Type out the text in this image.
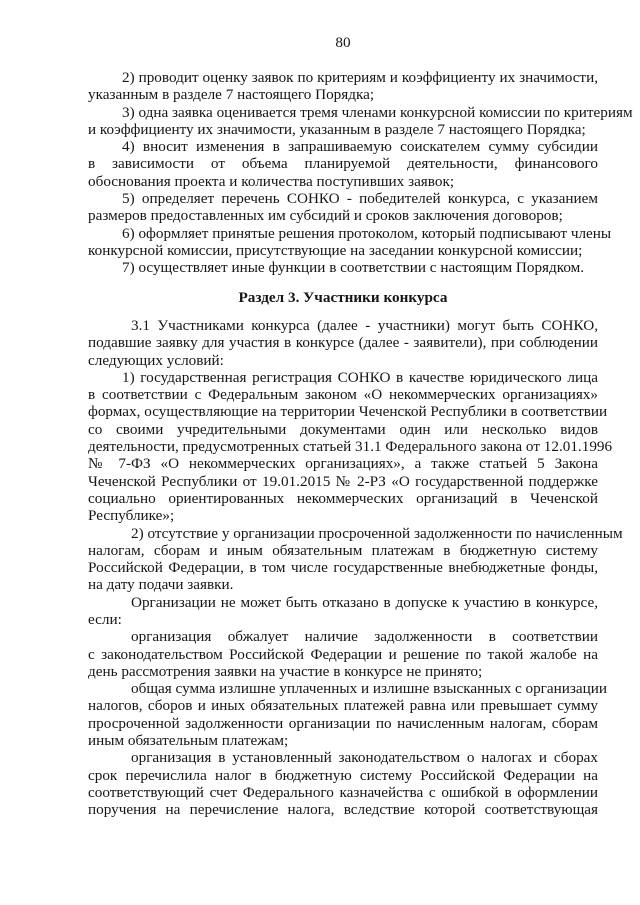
80
2) проводит оценку заявок по критериям и коэффициенту их значимости,
указанным в разделе 7 настоящего Порядка;
3) одна заявка оценивается тремя членами конкурсной комиссии по критериям
и коэффициенту их значимости, указанным в разделе 7 настоящего Порядка;
4) вносит изменения в запрашиваемую соискателем сумму субсидии
в зависимости от объема планируемой деятельности, финансового
обоснования проекта и количества поступивших заявок;
5) определяет перечень СОНКО - победителей конкурса, с указанием
размеров предоставленных им субсидий и сроков заключения договоров;
6) оформляет принятые решения протоколом, который подписывают члены
конкурсной комиссии, присутствующие на заседании конкурсной комиссии;
7) осуществляет иные функции в соответствии с настоящим Порядком.
Раздел 3. Участники конкурса
3.1 Участниками конкурса (далее - участники) могут быть СОНКО,
подавшие заявку для участия в конкурсе (далее - заявители), при соблюдении
следующих условий:
1) государственная регистрация СОНКО в качестве юридического лица
в соответствии с Федеральным законом «О некоммерческих организациях»
формах, осуществляющие на территории Чеченской Республики в соответствии
со своими учредительными документами один или несколько видов
деятельности, предусмотренных статьей 31.1 Федерального закона от 12.01.1996
№ 7-ФЗ «О некоммерческих организациях», а также статьей 5 Закона
Чеченской Республики от 19.01.2015 № 2-РЗ «О государственной поддержке
социально ориентированных некоммерческих организаций в Чеченской
Республике»;
2) отсутствие у организации просроченной задолженности по начисленным
налогам, сборам и иным обязательным платежам в бюджетную систему
Российской Федерации, в том числе государственные внебюджетные фонды,
на дату подачи заявки.
Организации не может быть отказано в допуске к участию в конкурсе,
если:
организация обжалует наличие задолженности в соответствии
с законодательством Российской Федерации и решение по такой жалобе на
день рассмотрения заявки на участие в конкурсе не принято;
общая сумма излишне уплаченных и излишне взысканных с организации
налогов, сборов и иных обязательных платежей равна или превышает сумму
просроченной задолженности организации по начисленным налогам, сборам
иным обязательным платежам;
организация в установленный законодательством о налогах и сборах
срок перечислила налог в бюджетную систему Российской Федерации на
соответствующий счет Федерального казначейства с ошибкой в оформлении
поручения на перечисление налога, вследствие которой соответствующая
